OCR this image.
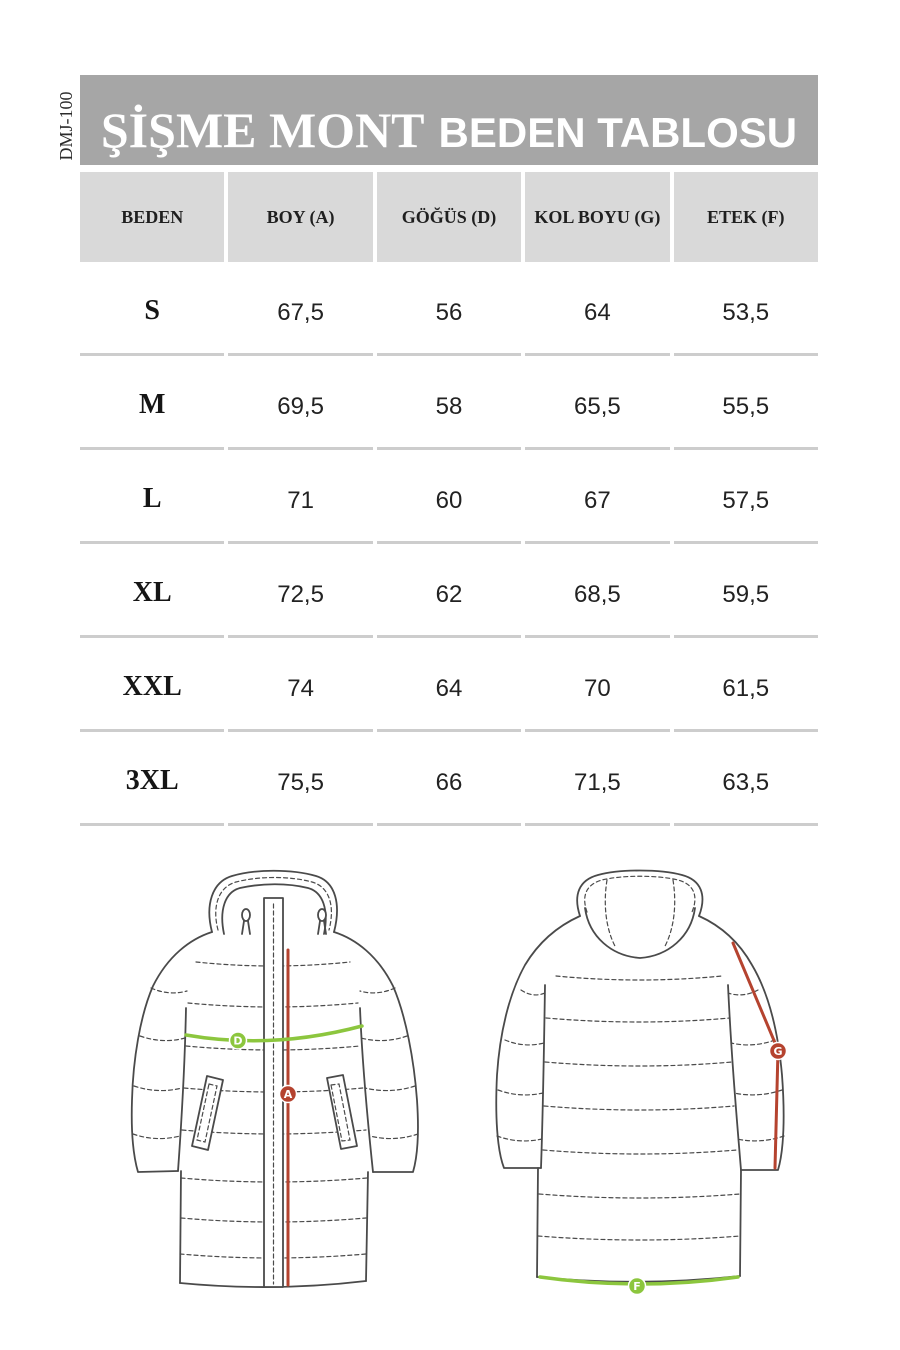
DMJ-100 ŞİŞME MONT BEDEN TABLOSU
BEDEN	BOY (A)	GÖĞÜS (D)	KOL BOYU (G)	ETEK (F)
S	67,5	56	64	53,5
M	69,5	58	65,5	55,5
L	71	60	67	57,5
XL	72,5	62	68,5	59,5
XXL	74	64	70	61,5
3XL	75,5	66	71,5	63,5
D
A
G
F
